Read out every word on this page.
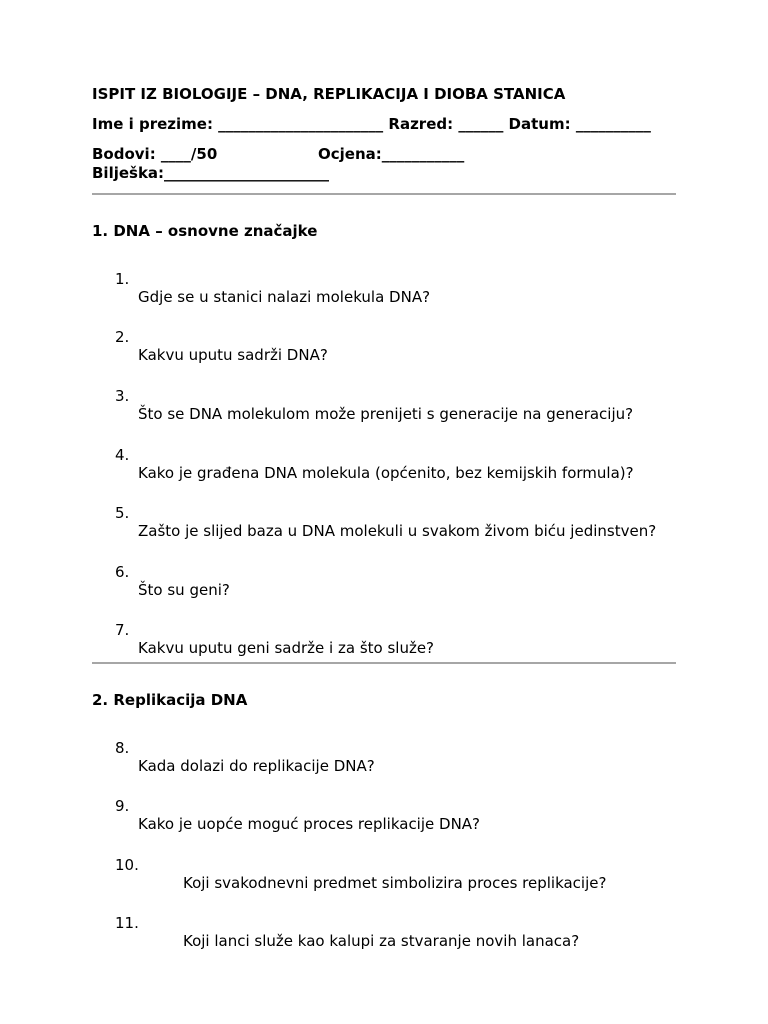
ISPIT IZ BIOLOGIJE – DNA, REPLIKACIJA I DIOBA STANICA
Ime i prezime: ______________________ Razred: ______ Datum: __________
Bodovi: ____/50	Ocjena:___________
Bilješka:______________________
1. DNA – osnovne značajke

1.

Gdje se u stanici nalazi molekula DNA?

2.

Kakvu uputu sadrži DNA?

3.

Što se DNA molekulom može prenijeti s generacije na generaciju?

4.

Kako je građena DNA molekula (općenito, bez kemijskih formula)?

5.

Zašto je slijed baza u DNA molekuli u svakom živom biću jedinstven?

6.

Što su geni?

7.

Kakvu uputu geni sadrže i za što služe?

2. Replikacija DNA

8.

Kada dolazi do replikacije DNA?

9.

Kako je uopće moguć proces replikacije DNA?

10.

Koji svakodnevni predmet simbolizira proces replikacije?

11.

Koji lanci služe kao kalupi za stvaranje novih lanaca?
